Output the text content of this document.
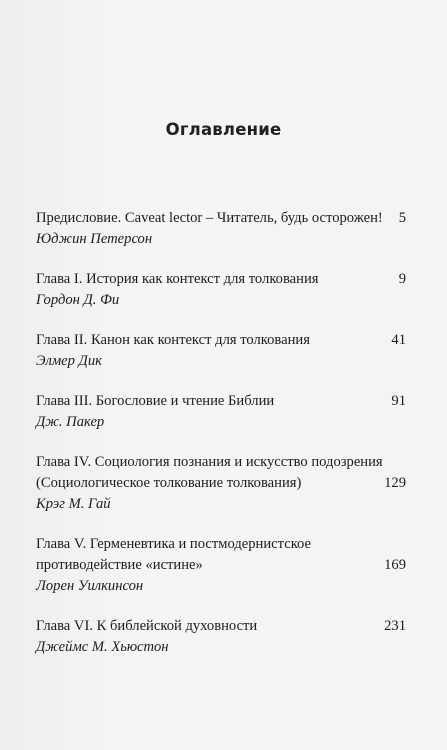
Оглавление
Предисловие. Caveat lector – Читатель, будь осторожен!	5
Юджин Петерсон
Глава I. История как контекст для толкования	9
Гордон Д. Фи
Глава II. Канон как контекст для толкования	41
Элмер Дик
Глава III. Богословие и чтение Библии	91
Дж. Пакер
Глава IV. Социология познания и искусство подозрения
(Социологическое толкование толкования)	129
Крэг М. Гай
Глава V. Герменевтика и постмодернистское
противодействие «истине»	169
Лорен Уилкинсон
Глава VI. К библейской духовности	231
Джеймс М. Хьюстон
